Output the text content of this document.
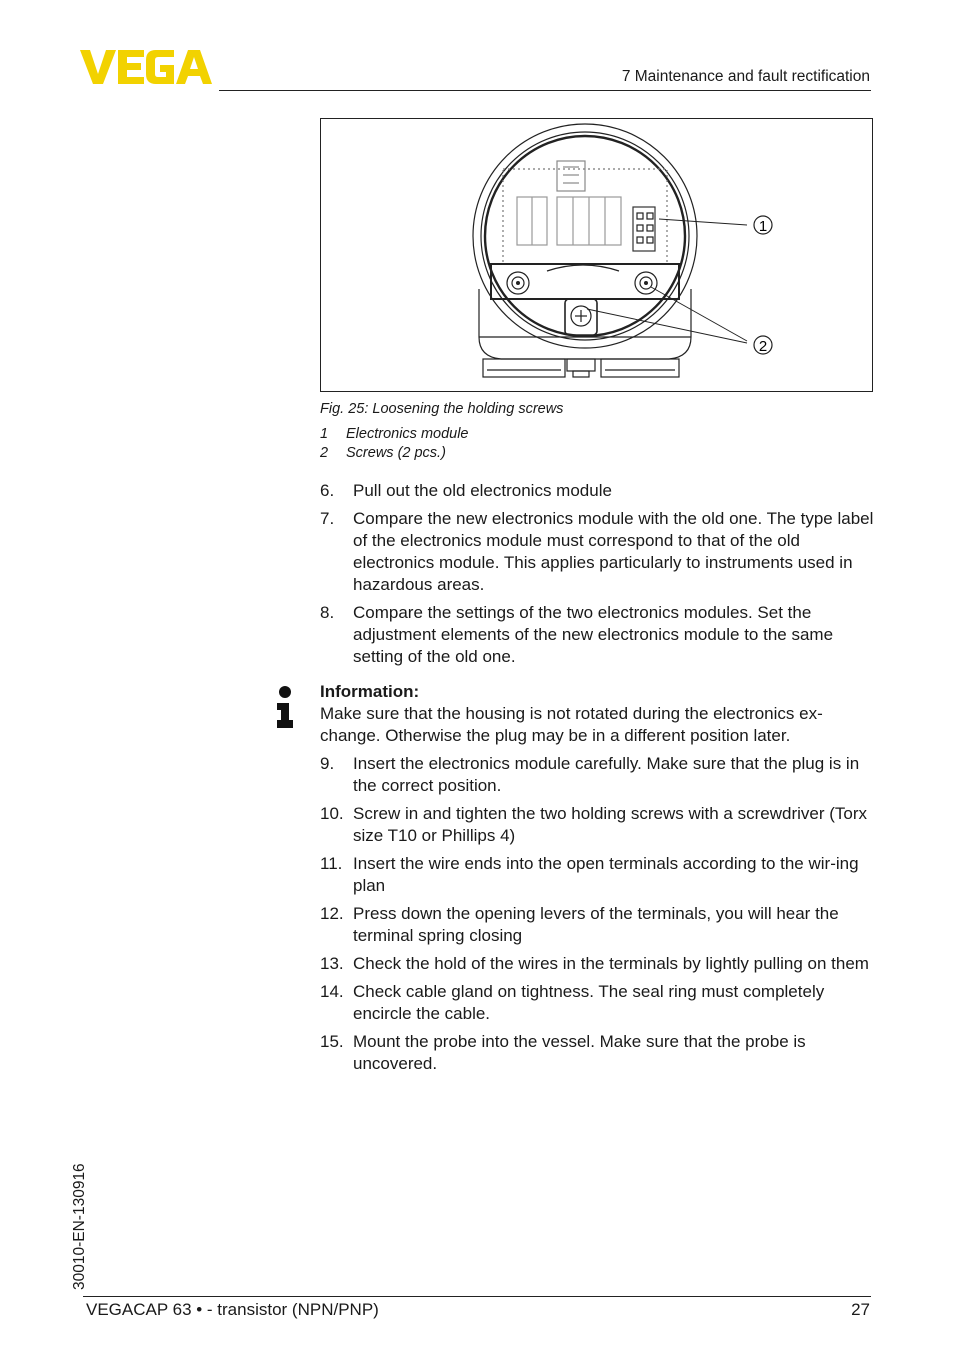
7 Maintenance and fault rectification
1
2
Fig. 25: Loosening the holding screws
1	Electronics module
2	Screws (2 pcs.)
6.	Pull out the old electronics module
7.	Compare the new electronics module with the old one. The type label of the electronics module must correspond to that of the old electronics module. This applies particularly to instruments used in hazardous areas.
8.	Compare the settings of the two electronics modules. Set the adjustment elements of the new electronics module to the same setting of the old one.
Information:
Make sure that the housing is not rotated during the electronics ex-change. Otherwise the plug may be in a different position later.
9.	Insert the electronics module carefully. Make sure that the plug is in the correct position.
10. Screw in and tighten the two holding screws with a screwdriver (Torx size T10 or Phillips 4)
11. Insert the wire ends into the open terminals according to the wir-ing plan
12. Press down the opening levers of the terminals, you will hear the terminal spring closing
13. Check the hold of the wires in the terminals by lightly pulling on them
14. Check cable gland on tightness. The seal ring must completely encircle the cable.
15. Mount the probe into the vessel. Make sure that the probe is uncovered.
30010-EN-130916
VEGACAP 63 • - transistor (NPN/PNP)	27
